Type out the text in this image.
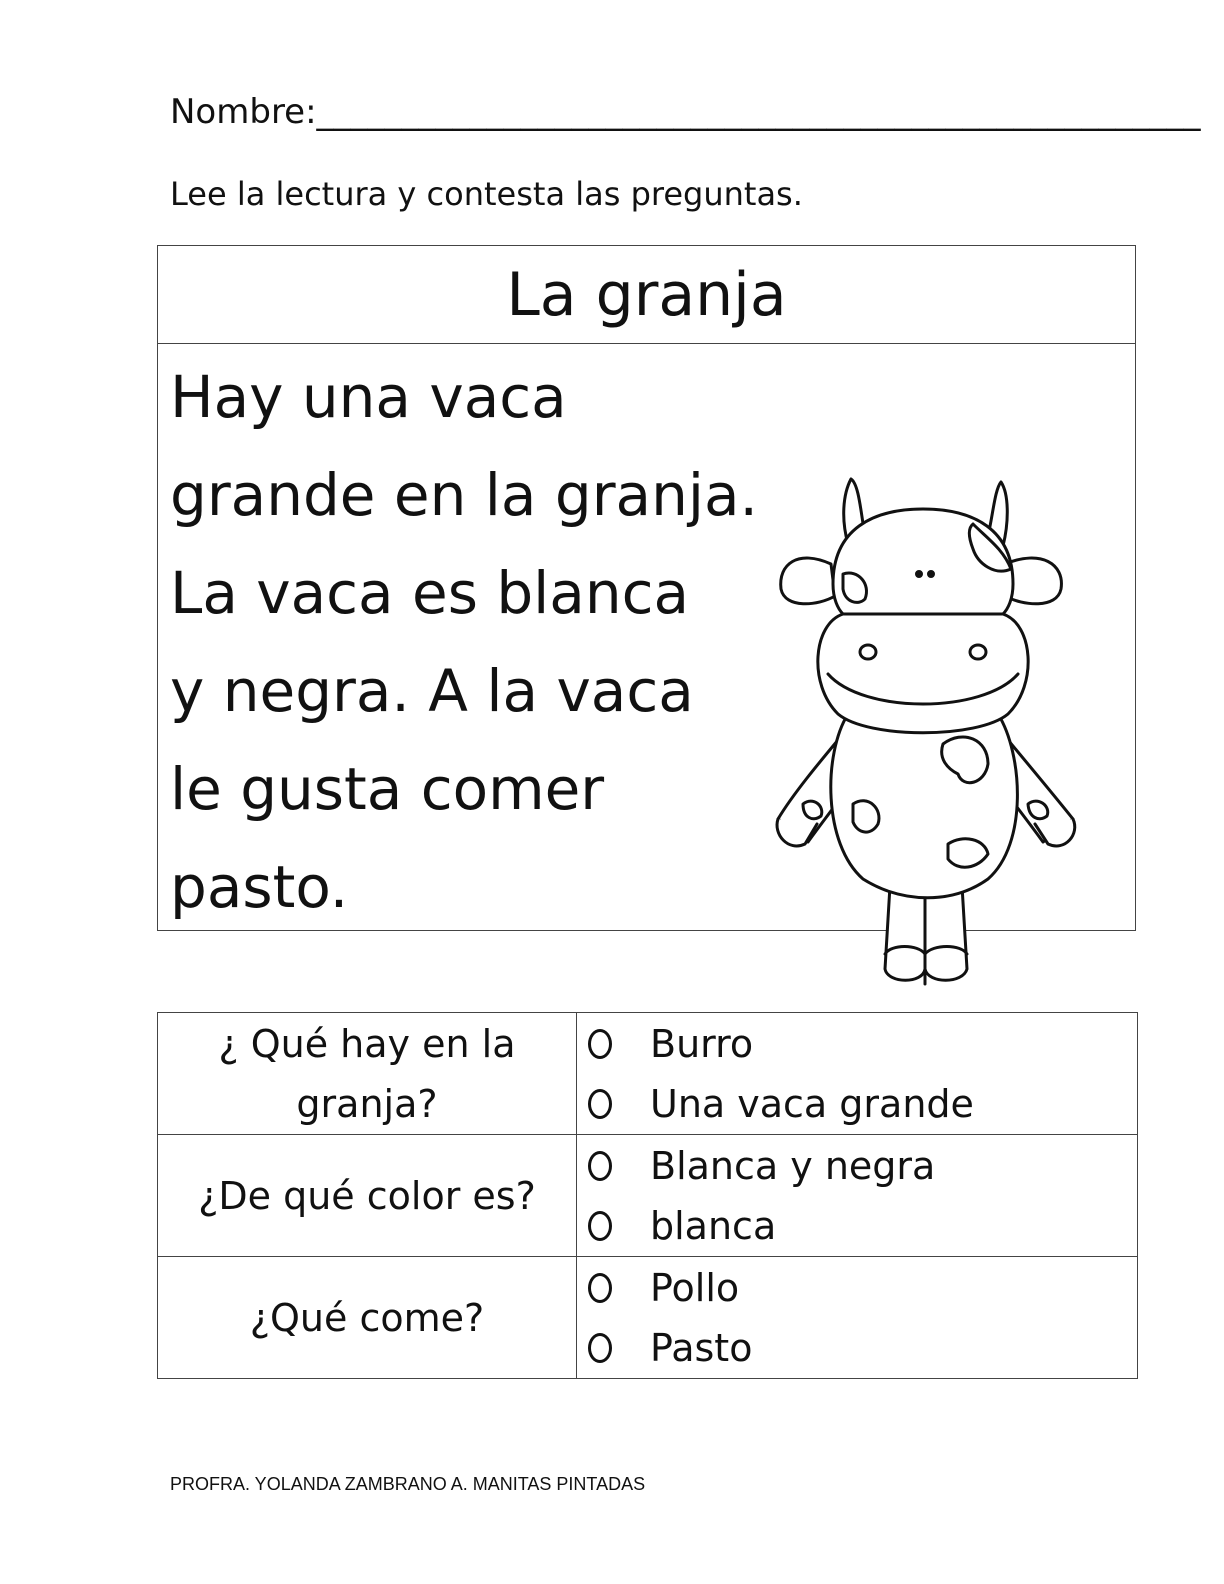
Nombre:____________________________________________________
Lee la lectura y contesta las preguntas.
La granja
Hay una vaca
grande en la granja.
La vaca es blanca
y negra. A la vaca
le gusta comer
pasto.
¿ Qué hay en la granja?	Burro
Una vaca grande

¿De qué color es?	Blanca y negra
blanca

¿Qué come?	Pollo
Pasto
PROFRA. YOLANDA ZAMBRANO A. MANITAS PINTADAS
